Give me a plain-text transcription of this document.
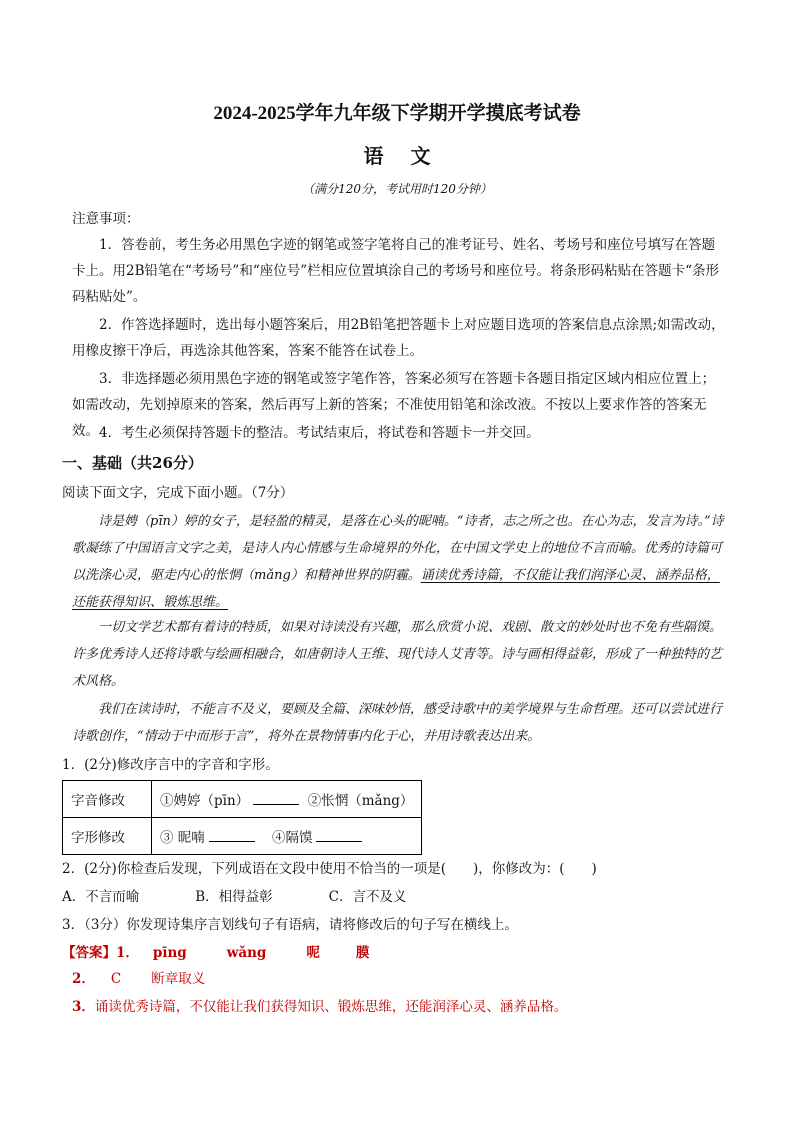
2024-2025学年九年级下学期开学摸底考试卷
语 文
（满分120分，考试用时120分钟）
注意事项：
1．答卷前，考生务必用黑色字迹的钢笔或签字笔将自己的准考证号、姓名、考场号和座位号填写在答题卡上。用2B铅笔在“考场号”和“座位号”栏相应位置填涂自己的考场号和座位号。将条形码粘贴在答题卡“条形码粘贴处”。
2．作答选择题时，选出每小题答案后，用2B铅笔把答题卡上对应题目选项的答案信息点涂黑;如需改动，用橡皮擦干净后，再选涂其他答案，答案不能答在试卷上。
3．非选择题必须用黑色字迹的钢笔或签字笔作答，答案必须写在答题卡各题目指定区域内相应位置上；如需改动，先划掉原来的答案，然后再写上新的答案；不准使用铅笔和涂改液。不按以上要求作答的答案无效。 4．考生必须保持答题卡的整洁。考试结束后，将试卷和答题卡一并交回。
一、基础（共26分）
阅读下面文字，完成下面小题。（7分）
诗是娉（pīn）婷的女子，是轻盈的精灵，是落在心头的昵喃。“诗者，志之所之也。在心为志，发言为诗。”诗歌凝练了中国语言文字之美，是诗人内心情感与生命境界的外化，在中国文学史上的地位不言而喻。优秀的诗篇可以洗涤心灵，驱走内心的怅惘（mǎng）和精神世界的阴霾。诵读优秀诗篇，不仅能让我们润泽心灵、涵养品格，还能获得知识、锻炼思维。
一切文学艺术都有着诗的特质，如果对诗读没有兴趣，那么欣赏小说、戏剧、散文的妙处时也不免有些隔馍。许多优秀诗人还将诗歌与绘画相融合，如唐朝诗人王维、现代诗人艾青等。诗与画相得益彰，形成了一种独特的艺术风格。
我们在读诗时，不能言不及义，要顾及全篇、深味妙悟，感受诗歌中的美学境界与生命哲理。还可以尝试进行诗歌创作，“情动于中而形于言”，将外在景物情事内化于心，并用诗歌表达出来。
1．(2分)修改序言中的字音和字形。
字音修改	①娉婷（pīn） ②怅惘（mǎng）
字形修改	③ 昵喃 ④隔馍
2．(2分)你检查后发现，下列成语在文段中使用不恰当的一项是(　　)，你修改为：(　　)
A．不言而喻	B．相得益彰	C．言不及义
3．（3分）你发现诗集序言划线句子有语病，请将修改后的句子写在横线上。
【答案】1． pīng	wǎng	呢	膜
2． C 断章取义
3．诵读优秀诗篇，不仅能让我们获得知识、锻炼思维，还能润泽心灵、涵养品格。
